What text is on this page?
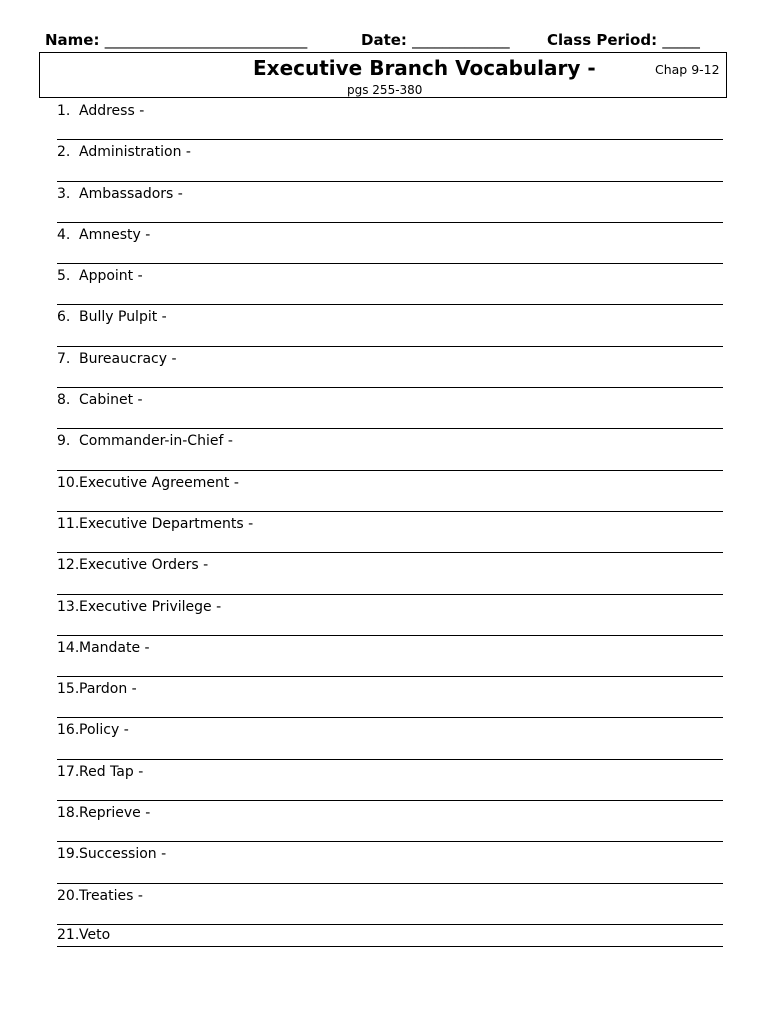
Name: ___________________________	Date: _____________ Class Period: _____
Executive Branch Vocabulary -	Chap 9-12
pgs 255-380
1. Address -
2. Administration -
3. Ambassadors -
4. Amnesty -
5. Appoint -
6. Bully Pulpit -
7. Bureaucracy -
8. Cabinet -
9. Commander-in-Chief -
10. Executive Agreement -
11. Executive Departments -
12. Executive Orders -
13. Executive Privilege -
14. Mandate -
15. Pardon -
16. Policy -
17. Red Tap -
18. Reprieve -
19. Succession -
20. Treaties -
21. Veto
